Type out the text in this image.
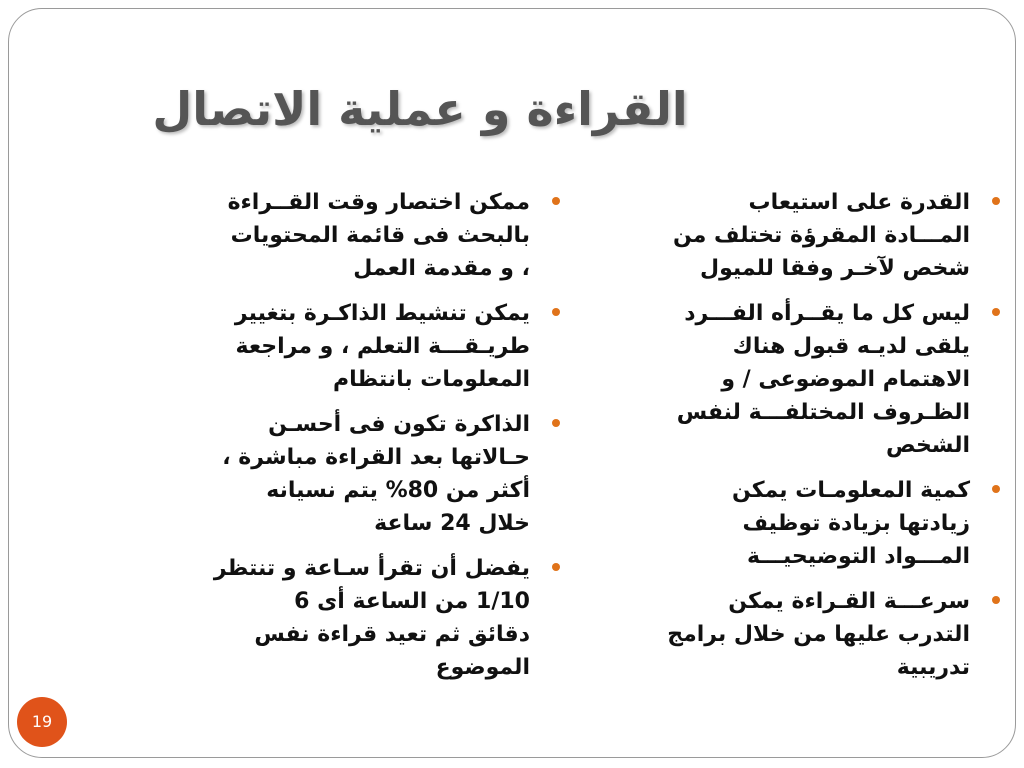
القراءة و عملية الاتصال
القدرة على استيعاب
المـــادة المقرؤة تختلف من
شخص لآخـر وفقا للميول
ليس كل ما يقــرأه الفـــرد
يلقى لديـه قبول هناك
الاهتمام الموضوعى / و
الظـروف المختلفـــة لنفس
الشخص
كمية المعلومـات يمكن
زيادتها بزيادة توظيف
المـــواد التوضيحيـــة
سرعـــة القـراءة يمكن
التدرب عليها من خلال برامج
تدريبية
ممكن اختصار وقت القــراءة
بالبحث فى قائمة المحتويات
، و مقدمة العمل
يمكن تنشيط الذاكـرة بتغيير
طريـقـــة التعلم ، و مراجعة
المعلومات بانتظام
الذاكرة تكون فى أحسـن
حـالاتها بعد القراءة مباشرة ،
أكثر من 80% يتم نسيانه
خلال 24 ساعة
يفضل أن تقرأ سـاعة و تنتظر
1/10 من الساعة أى 6
دقائق ثم تعيد قراءة نفس
الموضوع
19
